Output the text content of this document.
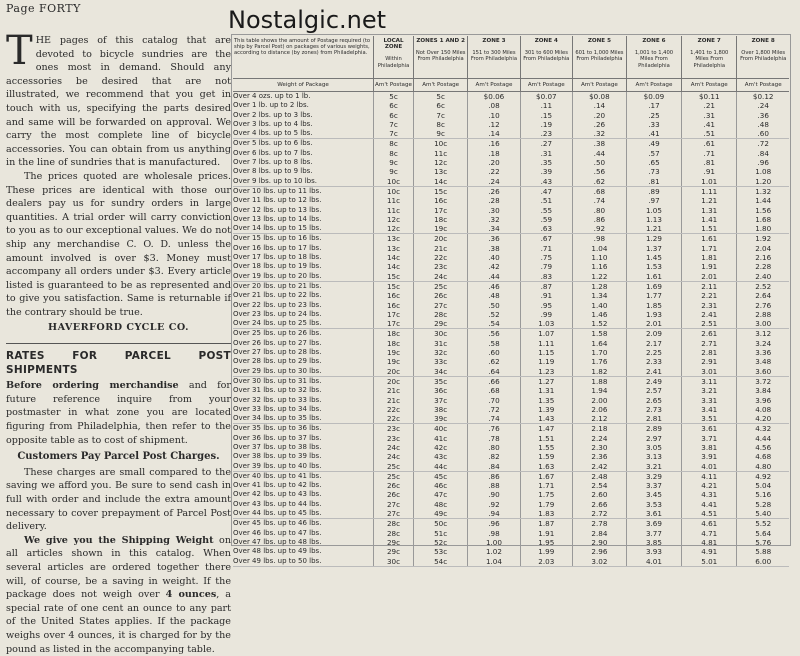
Page FORTY	Nostalgic.net

THE pages of this catalog that are devoted to bicycle sundries are the ones most in demand. Should any accessories be desired that are not illustrated, we recommend that you get in touch with us, specifying the parts desired and same will be forwarded on approval. We carry the most complete line of bicycle accessories. You can obtain from us anything in the line of sundries that is manufactured.

The prices quoted are wholesale prices. These prices are identical with those our dealers pay us for sundry orders in large quantities. A trial order will carry conviction to you as to our exceptional values. We do not ship any merchandise C. O. D. unless the amount involved is over $3. Money must accompany all orders under $3. Every article listed is guaranteed to be as represented and to give you satisfaction. Same is returnable if the contrary should be true.

HAVERFORD CYCLE CO.

RATES FOR PARCEL POST SHIPMENTS

Before ordering merchandise and for future reference inquire from your postmaster in what zone you are located figuring from Philadelphia, then refer to the opposite table as to cost of shipment.

Customers Pay Parcel Post Charges.

These charges are small compared to the saving we afford you. Be sure to send cash in full with order and include the extra amount necessary to cover prepayment of Parcel Post delivery.

We give you the Shipping Weight on all articles shown in this catalog. When several articles are ordered together there will, of course, be a saving in weight. If the package does not weigh over 4 ounces, a special rate of one cent an ounce to any part of the United States applies. If the package weighs over 4 ounces, it is charged for by the pound as listed in the accompanying table.

This table shows the amount of Postage required (to ship by Parcel Post) on packages of various weights, according to distance (by zones) from Philadelphia.	LOCAL ZONE
Within Philadelphia	ZONES 1 AND 2
Not Over 150 Miles From Philadelphia	ZONE 3
151 to 300 Miles From Philadelphia	ZONE 4
301 to 600 Miles From Philadelphia	ZONE 5
601 to 1,000 Miles From Philadelphia	ZONE 6
1,001 to 1,400 Miles From Philadelphia	ZONE 7
1,401 to 1,800 Miles From Philadelphia	ZONE 8
Over 1,800 Miles From Philadelphia

Weight of Package	Am't Postage	Am't Postage	Am't Postage	Am't Postage	Am't Postage	Am't Postage	Am't Postage	Am't Postage
Over 4 ozs. up to 1 lb.	5c	5c	$0.06	$0.07	$0.08	$0.09	$0.11	$0.12
Over 1 lb. up to 2 lbs.	6c	6c	.08	.11	.14	.17	.21	.24
Over 2 lbs. up to 3 lbs.	6c	7c	.10	.15	.20	.25	.31	.36
Over 3 lbs. up to 4 lbs.	7c	8c	.12	.19	.26	.33	.41	.48
Over 4 lbs. up to 5 lbs.	7c	9c	.14	.23	.32	.41	.51	.60
Over 5 lbs. up to 6 lbs.	8c	10c	.16	.27	.38	.49	.61	.72
Over 6 lbs. up to 7 lbs.	8c	11c	.18	.31	.44	.57	.71	.84
Over 7 lbs. up to 8 lbs.	9c	12c	.20	.35	.50	.65	.81	.96
Over 8 lbs. up to 9 lbs.	9c	13c	.22	.39	.56	.73	.91	1.08
Over 9 lbs. up to 10 lbs.	10c	14c	.24	.43	.62	.81	1.01	1.20
Over 10 lbs. up to 11 lbs.	10c	15c	.26	.47	.68	.89	1.11	1.32
Over 11 lbs. up to 12 lbs.	11c	16c	.28	.51	.74	.97	1.21	1.44
Over 12 lbs. up to 13 lbs.	11c	17c	.30	.55	.80	1.05	1.31	1.56
Over 13 lbs. up to 14 lbs.	12c	18c	.32	.59	.86	1.13	1.41	1.68
Over 14 lbs. up to 15 lbs.	12c	19c	.34	.63	.92	1.21	1.51	1.80
Over 15 lbs. up to 16 lbs.	13c	20c	.36	.67	.98	1.29	1.61	1.92
Over 16 lbs. up to 17 lbs.	13c	21c	.38	.71	1.04	1.37	1.71	2.04
Over 17 lbs. up to 18 lbs.	14c	22c	.40	.75	1.10	1.45	1.81	2.16
Over 18 lbs. up to 19 lbs.	14c	23c	.42	.79	1.16	1.53	1.91	2.28
Over 19 lbs. up to 20 lbs.	15c	24c	.44	.83	1.22	1.61	2.01	2.40
Over 20 lbs. up to 21 lbs.	15c	25c	.46	.87	1.28	1.69	2.11	2.52
Over 21 lbs. up to 22 lbs.	16c	26c	.48	.91	1.34	1.77	2.21	2.64
Over 22 lbs. up to 23 lbs.	16c	27c	.50	.95	1.40	1.85	2.31	2.76
Over 23 lbs. up to 24 lbs.	17c	28c	.52	.99	1.46	1.93	2.41	2.88
Over 24 lbs. up to 25 lbs.	17c	29c	.54	1.03	1.52	2.01	2.51	3.00
Over 25 lbs. up to 26 lbs.	18c	30c	.56	1.07	1.58	2.09	2.61	3.12
Over 26 lbs. up to 27 lbs.	18c	31c	.58	1.11	1.64	2.17	2.71	3.24
Over 27 lbs. up to 28 lbs.	19c	32c	.60	1.15	1.70	2.25	2.81	3.36
Over 28 lbs. up to 29 lbs.	19c	33c	.62	1.19	1.76	2.33	2.91	3.48
Over 29 lbs. up to 30 lbs.	20c	34c	.64	1.23	1.82	2.41	3.01	3.60
Over 30 lbs. up to 31 lbs.	20c	35c	.66	1.27	1.88	2.49	3.11	3.72
Over 31 lbs. up to 32 lbs.	21c	36c	.68	1.31	1.94	2.57	3.21	3.84
Over 32 lbs. up to 33 lbs.	21c	37c	.70	1.35	2.00	2.65	3.31	3.96
Over 33 lbs. up to 34 lbs.	22c	38c	.72	1.39	2.06	2.73	3.41	4.08
Over 34 lbs. up to 35 lbs.	22c	39c	.74	1.43	2.12	2.81	3.51	4.20
Over 35 lbs. up to 36 lbs.	23c	40c	.76	1.47	2.18	2.89	3.61	4.32
Over 36 lbs. up to 37 lbs.	23c	41c	.78	1.51	2.24	2.97	3.71	4.44
Over 37 lbs. up to 38 lbs.	24c	42c	.80	1.55	2.30	3.05	3.81	4.56
Over 38 lbs. up to 39 lbs.	24c	43c	.82	1.59	2.36	3.13	3.91	4.68
Over 39 lbs. up to 40 lbs.	25c	44c	.84	1.63	2.42	3.21	4.01	4.80
Over 40 lbs. up to 41 lbs.	25c	45c	.86	1.67	2.48	3.29	4.11	4.92
Over 41 lbs. up to 42 lbs.	26c	46c	.88	1.71	2.54	3.37	4.21	5.04
Over 42 lbs. up to 43 lbs.	26c	47c	.90	1.75	2.60	3.45	4.31	5.16
Over 43 lbs. up to 44 lbs.	27c	48c	.92	1.79	2.66	3.53	4.41	5.28
Over 44 lbs. up to 45 lbs.	27c	49c	.94	1.83	2.72	3.61	4.51	5.40
Over 45 lbs. up to 46 lbs.	28c	50c	.96	1.87	2.78	3.69	4.61	5.52
Over 46 lbs. up to 47 lbs.	28c	51c	.98	1.91	2.84	3.77	4.71	5.64
Over 47 lbs. up to 48 lbs.	29c	52c	1.00	1.95	2.90	3.85	4.81	5.76
Over 48 lbs. up to 49 lbs.	29c	53c	1.02	1.99	2.96	3.93	4.91	5.88
Over 49 lbs. up to 50 lbs.	30c	54c	1.04	2.03	3.02	4.01	5.01	6.00
